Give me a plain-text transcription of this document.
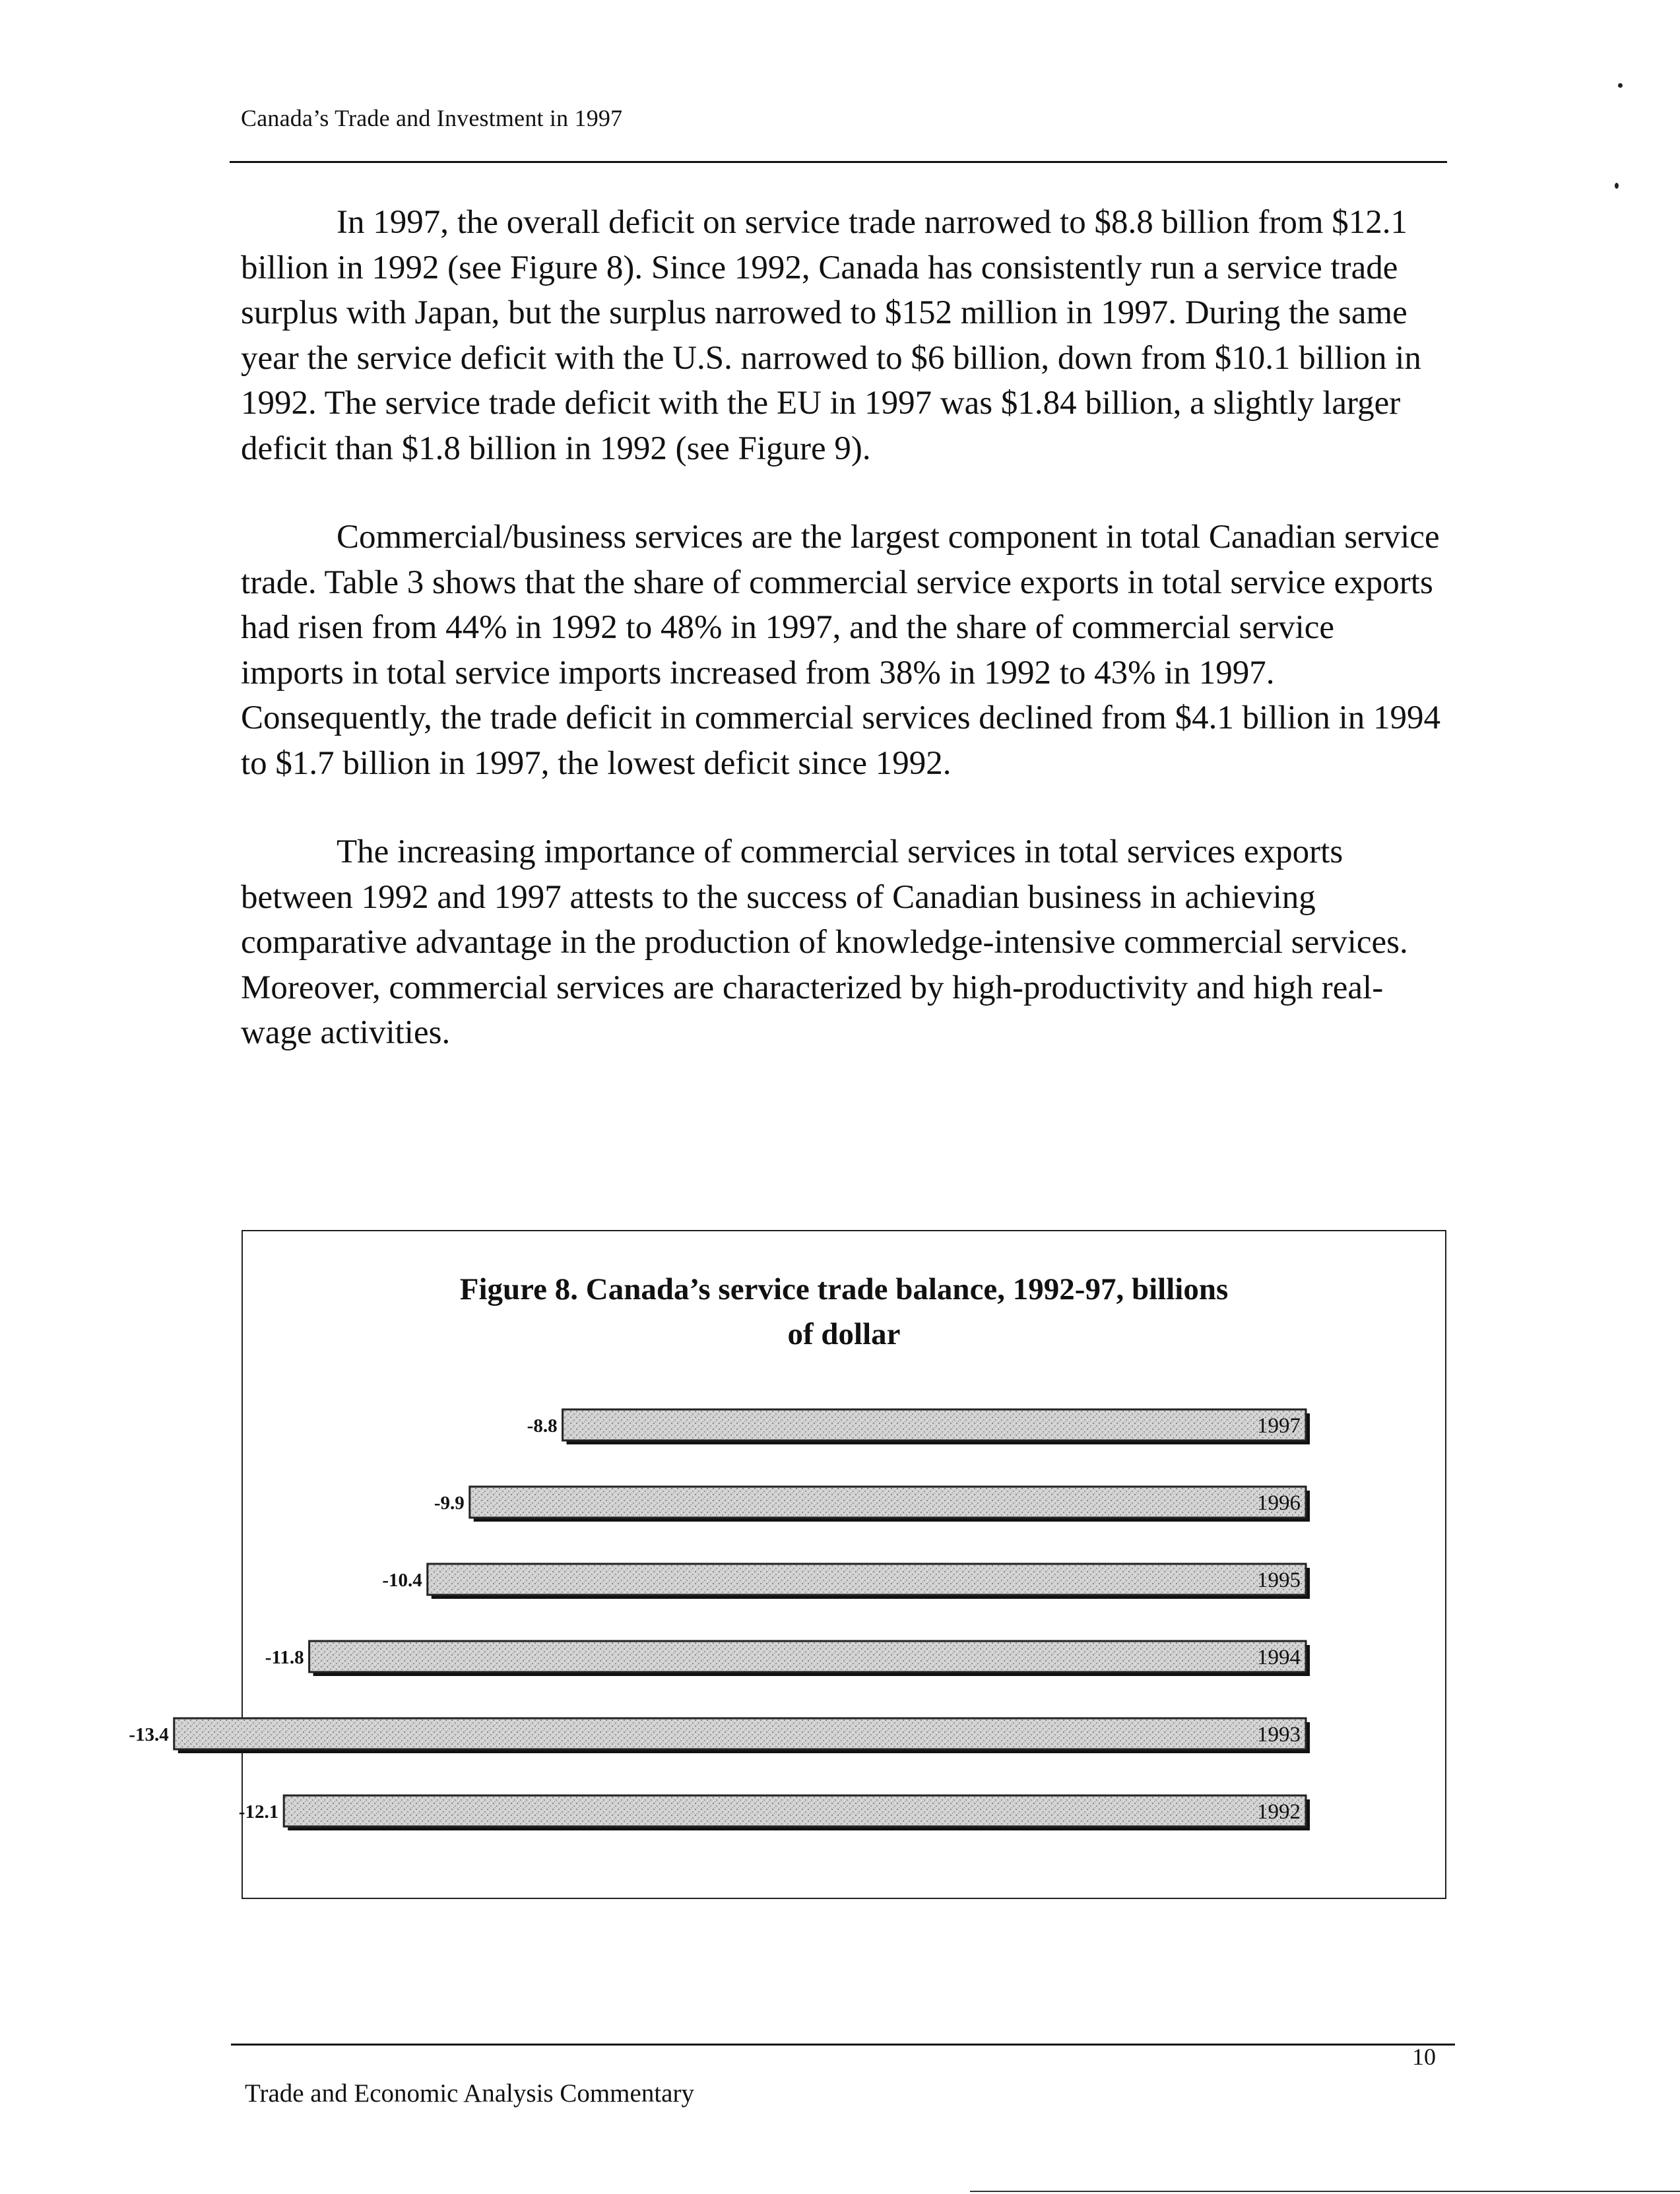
Canada’s Trade and Investment in 1997

In 1997, the overall deficit on service trade narrowed to $8.8 billion from $12.1 billion in 1992 (see Figure 8). Since 1992, Canada has consistently run a service trade surplus with Japan, but the surplus narrowed to $152 million in 1997. During the same year the service deficit with the U.S. narrowed to $6 billion, down from $10.1 billion in 1992. The service trade deficit with the EU in 1997 was $1.84 billion, a slightly larger deficit than $1.8 billion in 1992 (see Figure 9).

Commercial/business services are the largest component in total Canadian service trade. Table 3 shows that the share of commercial service exports in total service exports had risen from 44% in 1992 to 48% in 1997, and the share of commercial service imports in total service imports increased from 38% in 1992 to 43% in 1997. Consequently, the trade deficit in commercial services declined from $4.1 billion in 1994 to $1.7 billion in 1997, the lowest deficit since 1992.

The increasing importance of commercial services in total services exports between 1992 and 1997 attests to the success of Canadian business in achieving comparative advantage in the production of knowledge-intensive commercial services. Moreover, commercial services are characterized by high-productivity and high real-wage activities.

Figure 8. Canada’s service trade balance, 1992-97, billions
of dollar
-8.8	1997
-9.9	1996
-10.4	1995
-11.8	1994
-13.4	1993
-12.1	1992
10
Trade and Economic Analysis Commentary
